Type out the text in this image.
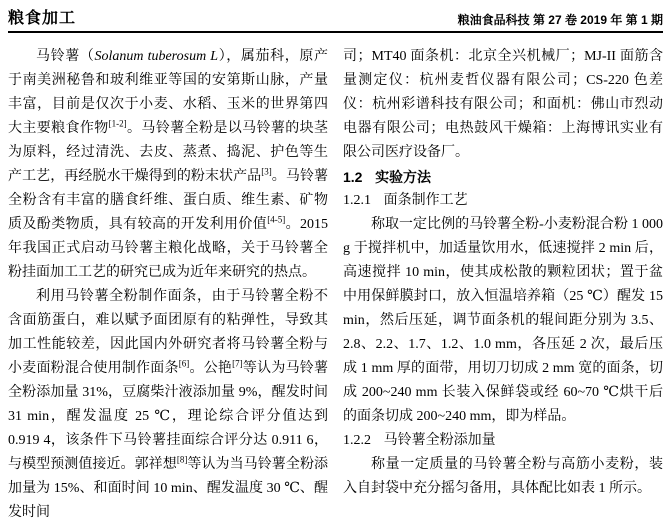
粮食加工	粮油食品科技 第 27 卷 2019 年 第 1 期

马铃薯（Solanum tuberosum L），属茄科，原产于南美洲秘鲁和玻利维亚等国的安第斯山脉，产量丰富，目前是仅次于小麦、水稻、玉米的世界第四大主要粮食作物[1-2]。马铃薯全粉是以马铃薯的块茎为原料，经过清洗、去皮、蒸煮、捣泥、护色等生产工艺，再经脱水干燥得到的粉末状产品[3]。马铃薯全粉含有丰富的膳食纤维、蛋白质、维生素、矿物质及酚类物质，具有较高的开发利用价值[4-5]。2015 年我国正式启动马铃薯主粮化战略，关于马铃薯全粉挂面加工工艺的研究已成为近年来研究的热点。

利用马铃薯全粉制作面条，由于马铃薯全粉不含面筋蛋白，难以赋予面团原有的粘弹性，导致其加工性能较差，因此国内外研究者将马铃薯全粉与小麦面粉混合使用制作面条[6]。公艳[7]等认为马铃薯全粉添加量 31%，豆腐柴汁液添加量 9%，醒发时间 31 min，醒发温度 25 ℃，理论综合评分值达到 0.919 4，该条件下马铃薯挂面综合评分达 0.911 6，与模型预测值接近。郭祥想[8]等认为当马铃薯全粉添加量为 15%、和面时间 10 min、醒发温度 30 ℃、醒发时间

司；MT40 面条机：北京全兴机械厂；MJ-II 面筋含量测定仪：杭州麦哲仪器有限公司；CS-220 色差仪：杭州彩谱科技有限公司；和面机：佛山市烈动电器有限公司；电热鼓风干燥箱：上海博讯实业有限公司医疗设备厂。

1.2 实验方法

1.2.1 面条制作工艺

称取一定比例的马铃薯全粉-小麦粉混合粉 1 000 g 于搅拌机中，加适量饮用水，低速搅拌 2 min 后，高速搅拌 10 min，使其成松散的颗粒团状；置于盆中用保鲜膜封口，放入恒温培养箱（25 ℃）醒发 15 min，然后压延，调节面条机的辊间距分别为 3.5、2.8、2.2、1.7、1.2、1.0 mm，各压延 2 次，最后压成 1 mm 厚的面带，用切刀切成 2 mm 宽的面条，切成 200~240 mm 长装入保鲜袋或经 60~70 ℃烘干后的面条切成 200~240 mm，即为样品。

1.2.2 马铃薯全粉添加量

称量一定质量的马铃薯全粉与高筋小麦粉，装入自封袋中充分摇匀备用，具体配比如表 1 所示。
